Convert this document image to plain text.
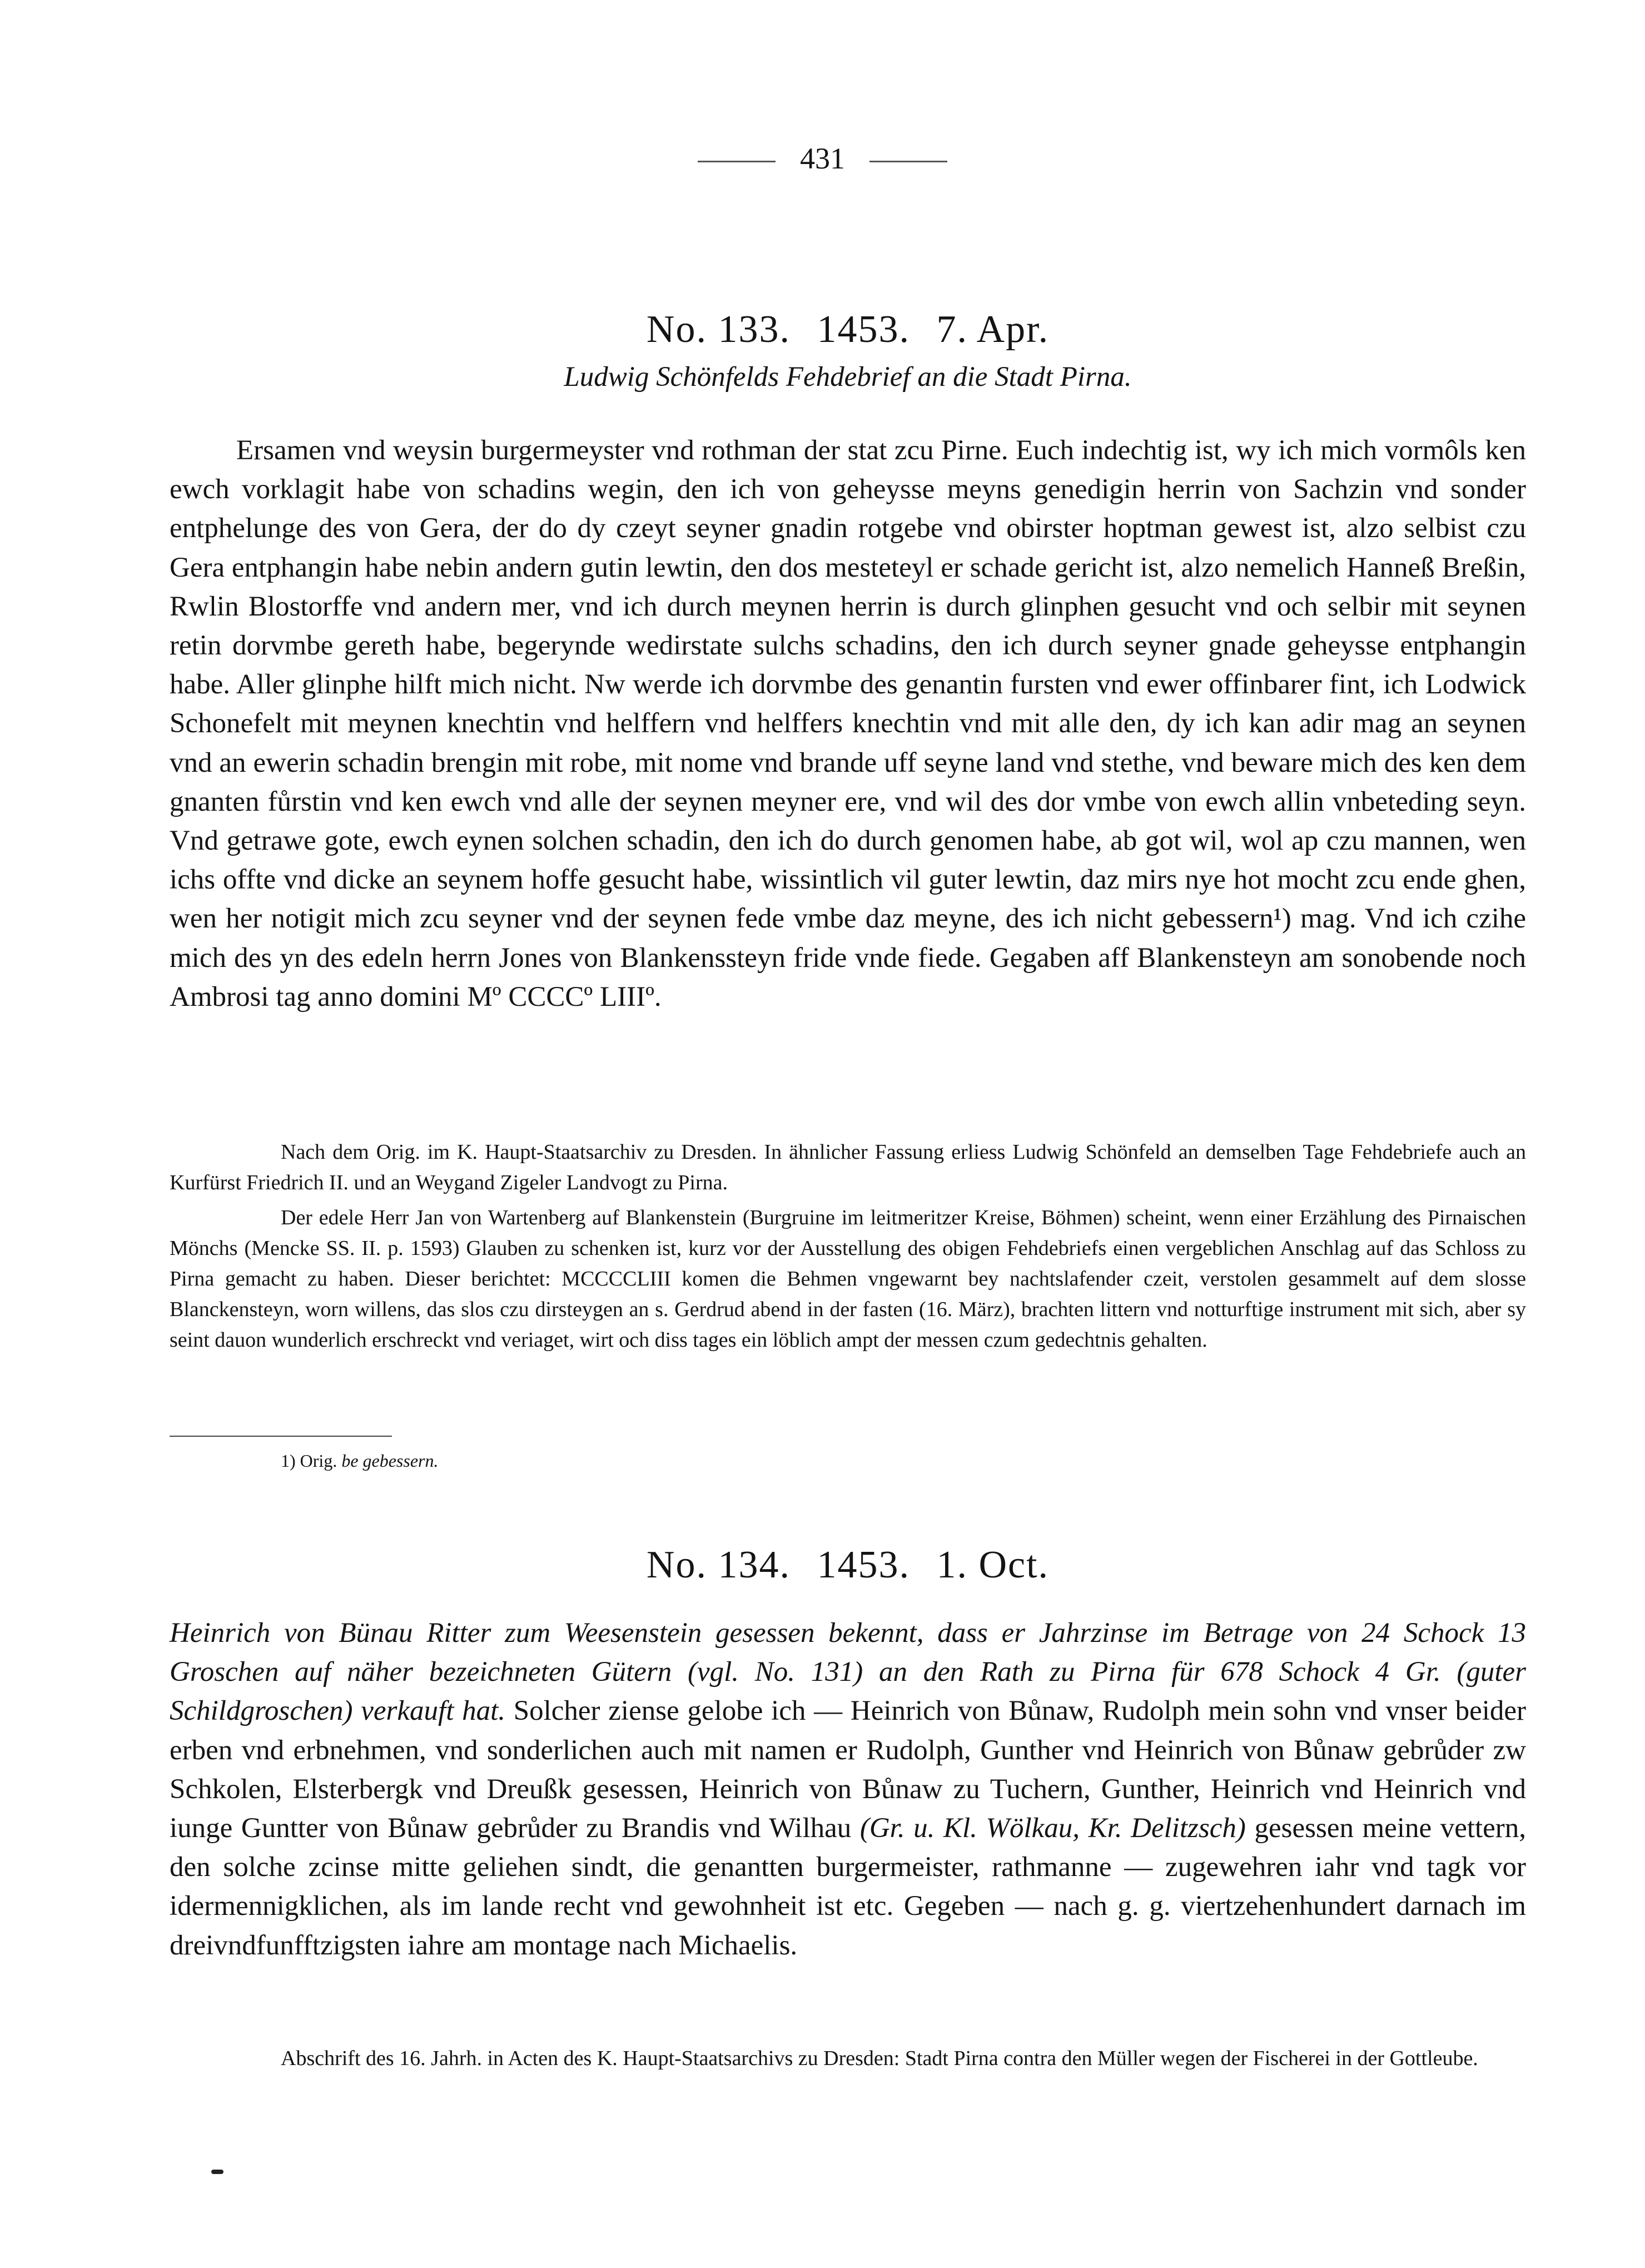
431
No. 133. 1453. 7. Apr.

Ludwig Schönfelds Fehdebrief an die Stadt Pirna.

Ersamen vnd weysin burgermeyster vnd rothman der stat zcu Pirne. Euch indechtig ist, wy ich mich vormôls ken ewch vorklagit habe von schadins wegin, den ich von geheysse meyns genedigin herrin von Sachzin vnd sonder entphelunge des von Gera, der do dy czeyt seyner gnadin rotgebe vnd obirster hoptman gewest ist, alzo selbist czu Gera entphangin habe nebin andern gutin lewtin, den dos mesteteyl er schade gericht ist, alzo nemelich Hanneß Breßin, Rwlin Blostorffe vnd andern mer, vnd ich durch meynen herrin is durch glinphen gesucht vnd och selbir mit seynen retin dorvmbe gereth habe, begerynde wedirstate sulchs schadins, den ich durch seyner gnade geheysse entphangin habe. Aller glinphe hilft mich nicht. Nw werde ich dorvmbe des genantin fursten vnd ewer offinbarer fint, ich Lodwick Schonefelt mit meynen knechtin vnd helffern vnd helffers knechtin vnd mit alle den, dy ich kan adir mag an seynen vnd an ewerin schadin brengin mit robe, mit nome vnd brande uff seyne land vnd stethe, vnd beware mich des ken dem gnanten fůrstin vnd ken ewch vnd alle der seynen meyner ere, vnd wil des dor vmbe von ewch allin vnbeteding seyn. Vnd getrawe gote, ewch eynen solchen schadin, den ich do durch genomen habe, ab got wil, wol ap czu mannen, wen ichs offte vnd dicke an seynem hoffe gesucht habe, wissintlich vil guter lewtin, daz mirs nye hot mocht zcu ende ghen, wen her notigit mich zcu seyner vnd der seynen fede vmbe daz meyne, des ich nicht gebessern¹) mag. Vnd ich czihe mich des yn des edeln herrn Jones von Blankenssteyn fride vnde fiede. Gegaben aff Blankensteyn am sonobende noch Ambrosi tag anno domini Mº CCCCº LIIIº.

Nach dem Orig. im K. Haupt-Staatsarchiv zu Dresden. In ähnlicher Fassung erliess Ludwig Schönfeld an demselben Tage Fehdebriefe auch an Kurfürst Friedrich II. und an Weygand Zigeler Landvogt zu Pirna.

Der edele Herr Jan von Wartenberg auf Blankenstein (Burgruine im leitmeritzer Kreise, Böhmen) scheint, wenn einer Erzählung des Pirnaischen Mönchs (Mencke SS. II. p. 1593) Glauben zu schenken ist, kurz vor der Ausstellung des obigen Fehdebriefs einen vergeblichen Anschlag auf das Schloss zu Pirna gemacht zu haben. Dieser berichtet: MCCCCLIII komen die Behmen vngewarnt bey nachtslafender czeit, verstolen gesammelt auf dem slosse Blanckensteyn, worn willens, das slos czu dirsteygen an s. Gerdrud abend in der fasten (16. März), brachten littern vnd notturftige instrument mit sich, aber sy seint dauon wunderlich erschreckt vnd veriaget, wirt och diss tages ein löblich ampt der messen czum gedechtnis gehalten.

1) Orig. be gebessern.

No. 134. 1453. 1. Oct.

Heinrich von Bünau Ritter zum Weesenstein gesessen bekennt, dass er Jahrzinse im Betrage von 24 Schock 13 Groschen auf näher bezeichneten Gütern (vgl. No. 131) an den Rath zu Pirna für 678 Schock 4 Gr. (guter Schildgroschen) verkauft hat. Solcher ziense gelobe ich — Heinrich von Bůnaw, Rudolph mein sohn vnd vnser beider erben vnd erbnehmen, vnd sonderlichen auch mit namen er Rudolph, Gunther vnd Heinrich von Bůnaw gebrůder zw Schkolen, Elsterbergk vnd Dreußk gesessen, Heinrich von Bůnaw zu Tuchern, Gunther, Heinrich vnd Heinrich vnd iunge Guntter von Bůnaw gebrůder zu Brandis vnd Wilhau (Gr. u. Kl. Wölkau, Kr. Delitzsch) gesessen meine vettern, den solche zcinse mitte geliehen sindt, die genantten burgermeister, rathmanne — zugewehren iahr vnd tagk vor idermennigklichen, als im lande recht vnd gewohnheit ist etc. Gegeben — nach g. g. viertzehenhundert darnach im dreivndfunfftzigsten iahre am montage nach Michaelis.

Abschrift des 16. Jahrh. in Acten des K. Haupt-Staatsarchivs zu Dresden: Stadt Pirna contra den Müller wegen der Fischerei in der Gottleube.
